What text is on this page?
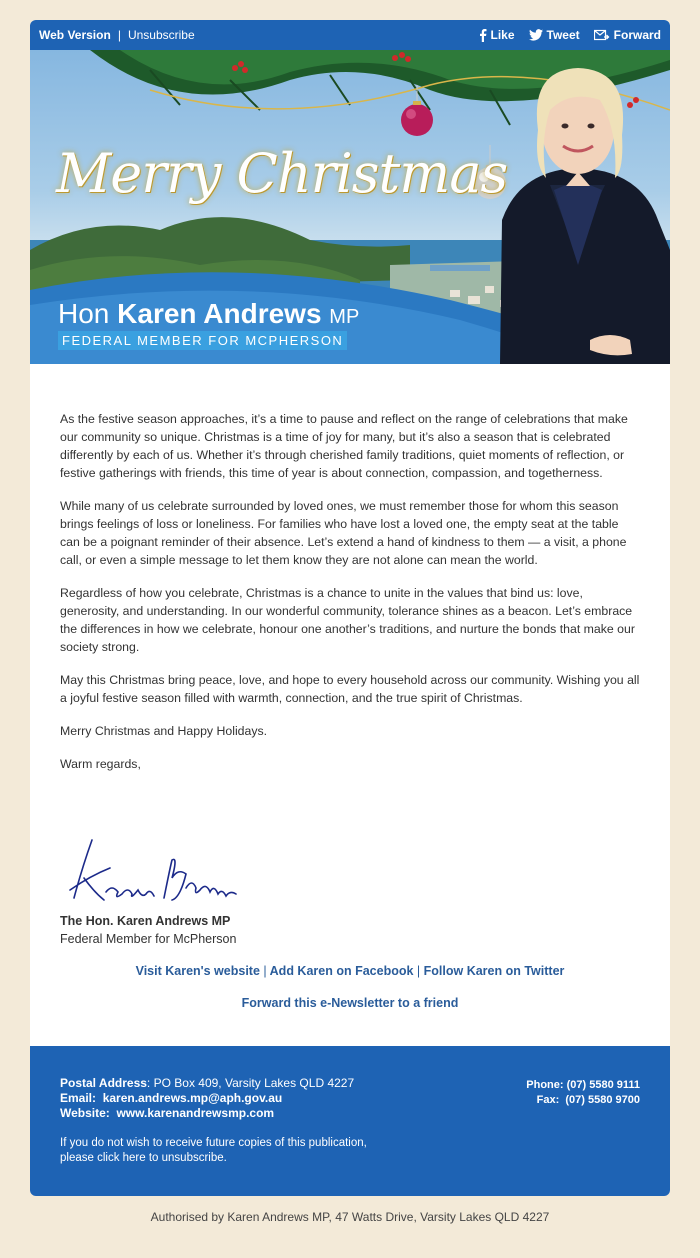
Web Version | Unsubscribe	Like	Tweet	Forward
Merry Christmas
Hon Karen Andrews MP
FEDERAL MEMBER FOR MCPHERSON

As the festive season approaches, it’s a time to pause and reflect on the range of celebrations that make our community so unique. Christmas is a time of joy for many, but it’s also a season that is celebrated differently by each of us. Whether it’s through cherished family traditions, quiet moments of reflection, or festive gatherings with friends, this time of year is about connection, compassion, and togetherness.

While many of us celebrate surrounded by loved ones, we must remember those for whom this season brings feelings of loss or loneliness. For families who have lost a loved one, the empty seat at the table can be a poignant reminder of their absence. Let’s extend a hand of kindness to them — a visit, a phone call, or even a simple message to let them know they are not alone can mean the world.

Regardless of how you celebrate, Christmas is a chance to unite in the values that bind us: love, generosity, and understanding. In our wonderful community, tolerance shines as a beacon. Let’s embrace the differences in how we celebrate, honour one another’s traditions, and nurture the bonds that make our society strong.

May this Christmas bring peace, love, and hope to every household across our community. Wishing you all a joyful festive season filled with warmth, connection, and the true spirit of Christmas.

Merry Christmas and Happy Holidays.

Warm regards,

The Hon. Karen Andrews MP
Federal Member for McPherson
Visit Karen's website | Add Karen on Facebook | Follow Karen on Twitter
Forward this e-Newsletter to a friend
Postal Address: PO Box 409, Varsity Lakes QLD 4227
Email: karen.andrews.mp@aph.gov.au
Website: www.karenandrewsmp.com
If you do not wish to receive future copies of this publication,
please click here to unsubscribe.
Phone: (07) 5580 9111
Fax:  (07) 5580 9700
Authorised by Karen Andrews MP, 47 Watts Drive, Varsity Lakes QLD 4227
